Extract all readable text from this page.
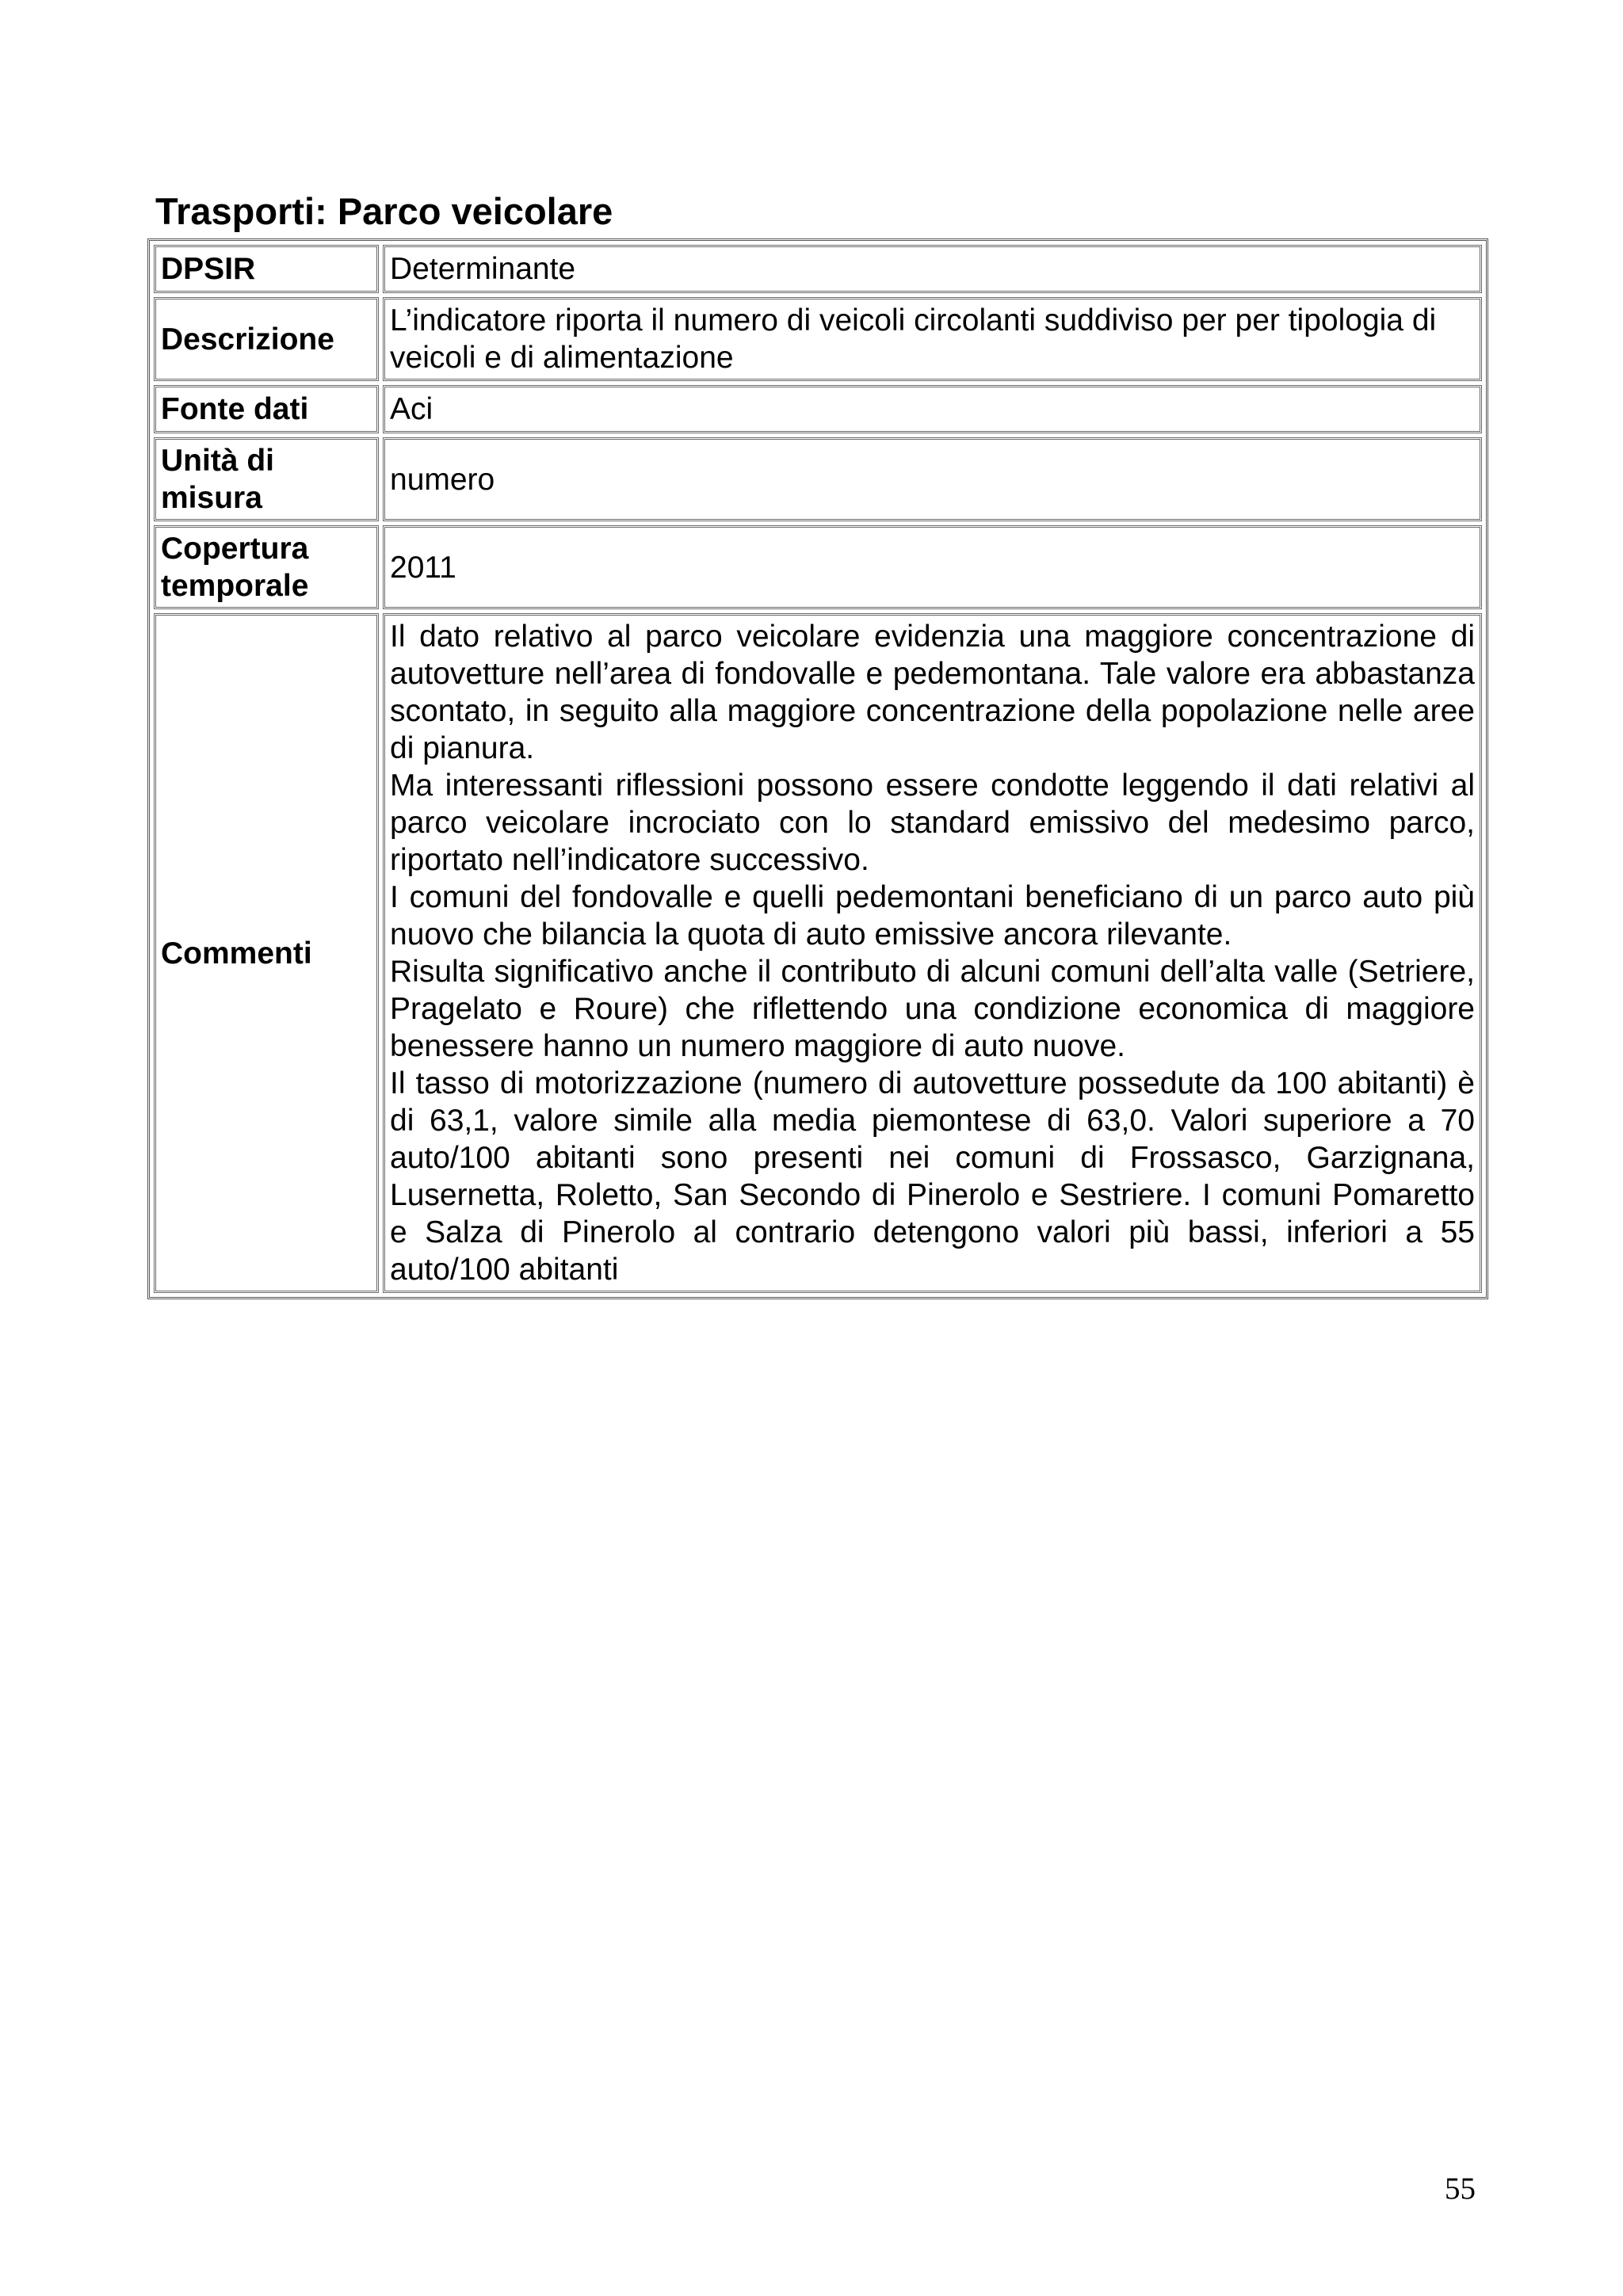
Trasporti: Parco veicolare
DPSIR	Determinante
Descrizione	L’indicatore riporta il numero di veicoli circolanti suddiviso per per tipologia di veicoli e di alimentazione
Fonte dati	Aci
Unità di misura	numero
Copertura temporale	2011
Commenti	Il dato relativo al parco veicolare evidenzia una maggiore concentrazione di autovetture nell’area di fondovalle e pedemontana. Tale valore era abbastanza scontato, in seguito alla maggiore concentrazione della popolazione nelle aree di pianura.

Ma interessanti riflessioni possono essere condotte leggendo il dati relativi al parco veicolare incrociato con lo standard emissivo del medesimo parco, riportato nell’indicatore successivo.

I comuni del fondovalle e quelli pedemontani beneficiano di un parco auto più nuovo che bilancia la quota di auto emissive ancora rilevante.

Risulta significativo anche il contributo di alcuni comuni dell’alta valle (Setriere, Pragelato e Roure) che riflettendo una condizione economica di maggiore benessere hanno un numero maggiore di auto nuove.

Il tasso di motorizzazione (numero di autovetture possedute da 100 abitanti) è di 63,1, valore simile alla media piemontese di 63,0. Valori superiore a 70 auto/100 abitanti sono presenti nei comuni di Frossasco, Garzignana, Lusernetta, Roletto, San Secondo di Pinerolo e Sestriere. I comuni Pomaretto e Salza di Pinerolo al contrario detengono valori più bassi, inferiori a 55 auto/100 abitanti

55
